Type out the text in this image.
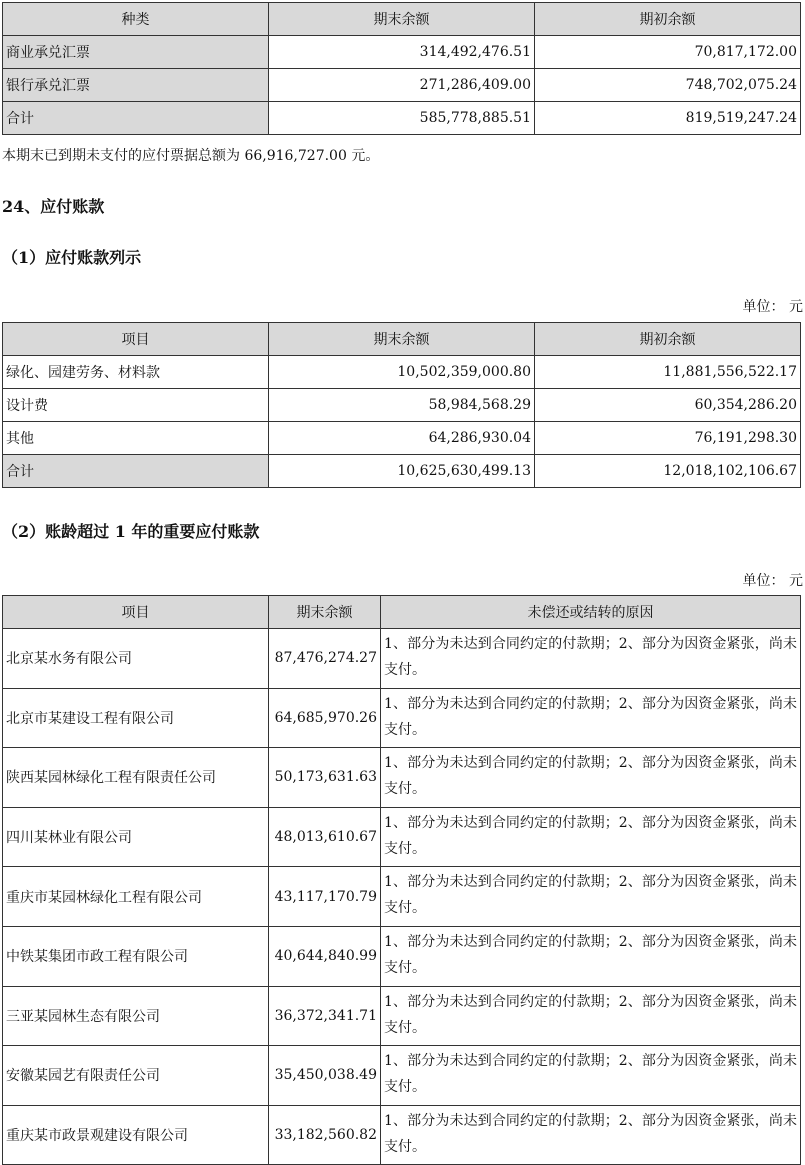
种类	期末余额	期初余额
商业承兑汇票	314,492,476.51	70,817,172.00
银行承兑汇票	271,286,409.00	748,702,075.24
合计	585,778,885.51	819,519,247.24
本期末已到期未支付的应付票据总额为 66,916,727.00 元。
24、应付账款
（1）应付账款列示
单位： 元
项目	期末余额	期初余额
绿化、园建劳务、材料款	10,502,359,000.80	11,881,556,522.17
设计费	58,984,568.29	60,354,286.20
其他	64,286,930.04	76,191,298.30
合计	10,625,630,499.13	12,018,102,106.67
（2）账龄超过 1 年的重要应付账款
单位： 元
项目	期末余额	未偿还或结转的原因
北京某水务有限公司	87,476,274.27	1、部分为未达到合同约定的付款期；2、部分为因资金紧张，尚未支付。
北京市某建设工程有限公司	64,685,970.26	1、部分为未达到合同约定的付款期；2、部分为因资金紧张，尚未支付。
陕西某园林绿化工程有限责任公司	50,173,631.63	1、部分为未达到合同约定的付款期；2、部分为因资金紧张，尚未支付。
四川某林业有限公司	48,013,610.67	1、部分为未达到合同约定的付款期；2、部分为因资金紧张，尚未支付。
重庆市某园林绿化工程有限公司	43,117,170.79	1、部分为未达到合同约定的付款期；2、部分为因资金紧张，尚未支付。
中铁某集团市政工程有限公司	40,644,840.99	1、部分为未达到合同约定的付款期；2、部分为因资金紧张，尚未支付。
三亚某园林生态有限公司	36,372,341.71	1、部分为未达到合同约定的付款期；2、部分为因资金紧张，尚未支付。
安徽某园艺有限责任公司	35,450,038.49	1、部分为未达到合同约定的付款期；2、部分为因资金紧张，尚未支付。
重庆某市政景观建设有限公司	33,182,560.82	1、部分为未达到合同约定的付款期；2、部分为因资金紧张，尚未支付。
